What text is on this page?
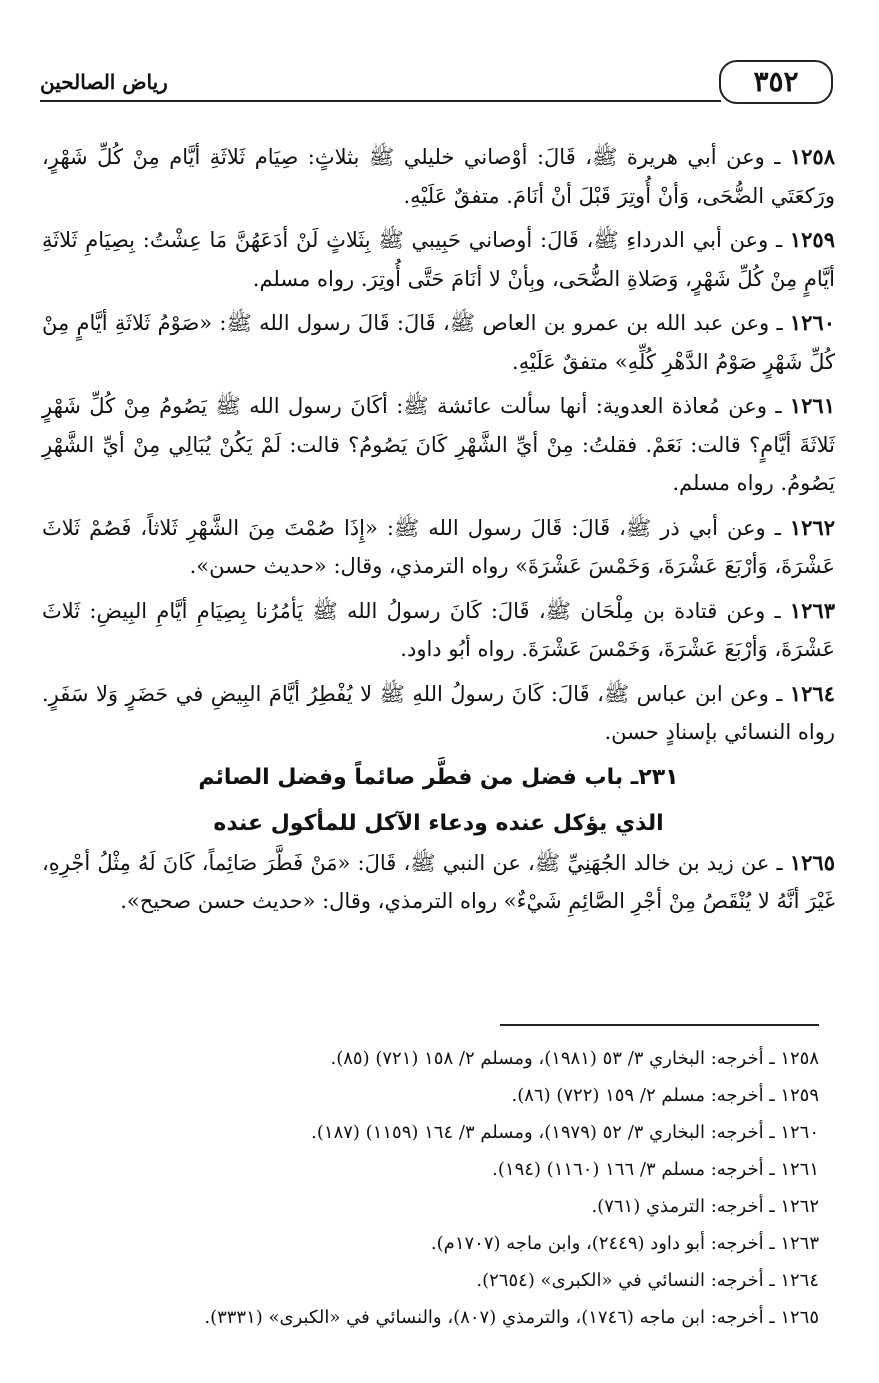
٣٥٢
رياض الصالحين

١٢٥٨ ـ وعن أبي هريرة ﷺ، قَالَ: أوْصاني خليلي ﷺ بثلاثٍ: صِيَام ثَلاثَةِ أيَّام مِنْ كُلِّ شَهْرٍ، ورَكعَتَي الضُّحَى، وَأنْ أُوتِرَ قَبْلَ أنْ أنَامَ. متفقٌ عَلَيْهِ.

١٢٥٩ ـ وعن أبي الدرداءِ ﷺ، قَالَ: أوصاني حَبِيبي ﷺ بِثَلاثٍ لَنْ أدَعَهُنَّ مَا عِشْتُ: بِصِيَامِ ثَلاثَةِ أيَّامٍ مِنْ كُلِّ شَهْرٍ، وَصَلاةِ الضُّحَى، وبِأنْ لا أنَامَ حَتَّى أُوتِرَ. رواه مسلم.

١٢٦٠ ـ وعن عبد الله بن عمرو بن العاص ﷺ، قَالَ: قَالَ رسول الله ﷺ: «صَوْمُ ثَلاثَةِ أيَّامٍ مِنْ كُلِّ شَهْرٍ صَوْمُ الدَّهْرِ كُلِّهِ» متفقٌ عَلَيْهِ.

١٢٦١ ـ وعن مُعاذة العدوية: أنها سألت عائشة ﷺ: أكَانَ رسول الله ﷺ يَصُومُ مِنْ كُلِّ شَهْرٍ ثَلاثَةَ أيَّامٍ؟ قالت: نَعَمْ. فقلتُ: مِنْ أيِّ الشَّهْرِ كَانَ يَصُومُ؟ قالت: لَمْ يَكُنْ يُبَالِي مِنْ أيِّ الشَّهْرِ يَصُومُ. رواه مسلم.

١٢٦٢ ـ وعن أبي ذر ﷺ، قَالَ: قَالَ رسول الله ﷺ: «إِذَا صُمْتَ مِنَ الشَّهْرِ ثَلاثاً، فَصُمْ ثَلاثَ عَشْرَةَ، وَأرْبَعَ عَشْرَةَ، وَخَمْسَ عَشْرَةَ» رواه الترمذي، وقال: «حديث حسن».

١٢٦٣ ـ وعن قتادة بن مِلْحَان ﷺ، قَالَ: كَانَ رسولُ الله ﷺ يَأمُرُنا بِصِيَامِ أيَّامِ البِيضِ: ثَلاثَ عَشْرَةَ، وَأرْبَعَ عَشْرَةَ، وَخَمْسَ عَشْرَةَ. رواه أبُو داود.

١٢٦٤ ـ وعن ابن عباس ﷺ، قَالَ: كَانَ رسولُ اللهِ ﷺ لا يُفْطِرُ أيَّامَ البِيضِ في حَضَرٍ وَلا سَفَرٍ. رواه النسائي بإسنادٍ حسن.

٢٣١ـ باب فضل من فطَّر صائماً وفضل الصائم
الذي يؤكل عنده ودعاء الآكل للمأكول عنده

١٢٦٥ ـ عن زيد بن خالد الجُهَنِيِّ ﷺ، عن النبي ﷺ، قَالَ: «مَنْ فَطَّرَ صَائِماً، كَانَ لَهُ مِثْلُ أجْرِهِ، غَيْرَ أنَّهُ لا يُنْقَصُ مِنْ أجْرِ الصَّائِمِ شَيْءٌ» رواه الترمذي، وقال: «حديث حسن صحيح».

١٢٥٨ ـ أخرجه: البخاري ٣/ ٥٣ (١٩٨١)، ومسلم ٢/ ١٥٨ (٧٢١) (٨٥).
١٢٥٩ ـ أخرجه: مسلم ٢/ ١٥٩ (٧٢٢) (٨٦).
١٢٦٠ ـ أخرجه: البخاري ٣/ ٥٢ (١٩٧٩)، ومسلم ٣/ ١٦٤ (١١٥٩) (١٨٧).
١٢٦١ ـ أخرجه: مسلم ٣/ ١٦٦ (١١٦٠) (١٩٤).
١٢٦٢ ـ أخرجه: الترمذي (٧٦١).
١٢٦٣ ـ أخرجه: أبو داود (٢٤٤٩)، وابن ماجه (١٧٠٧م).
١٢٦٤ ـ أخرجه: النسائي في «الكبرى» (٢٦٥٤).
١٢٦٥ ـ أخرجه: ابن ماجه (١٧٤٦)، والترمذي (٨٠٧)، والنسائي في «الكبرى» (٣٣٣١).
